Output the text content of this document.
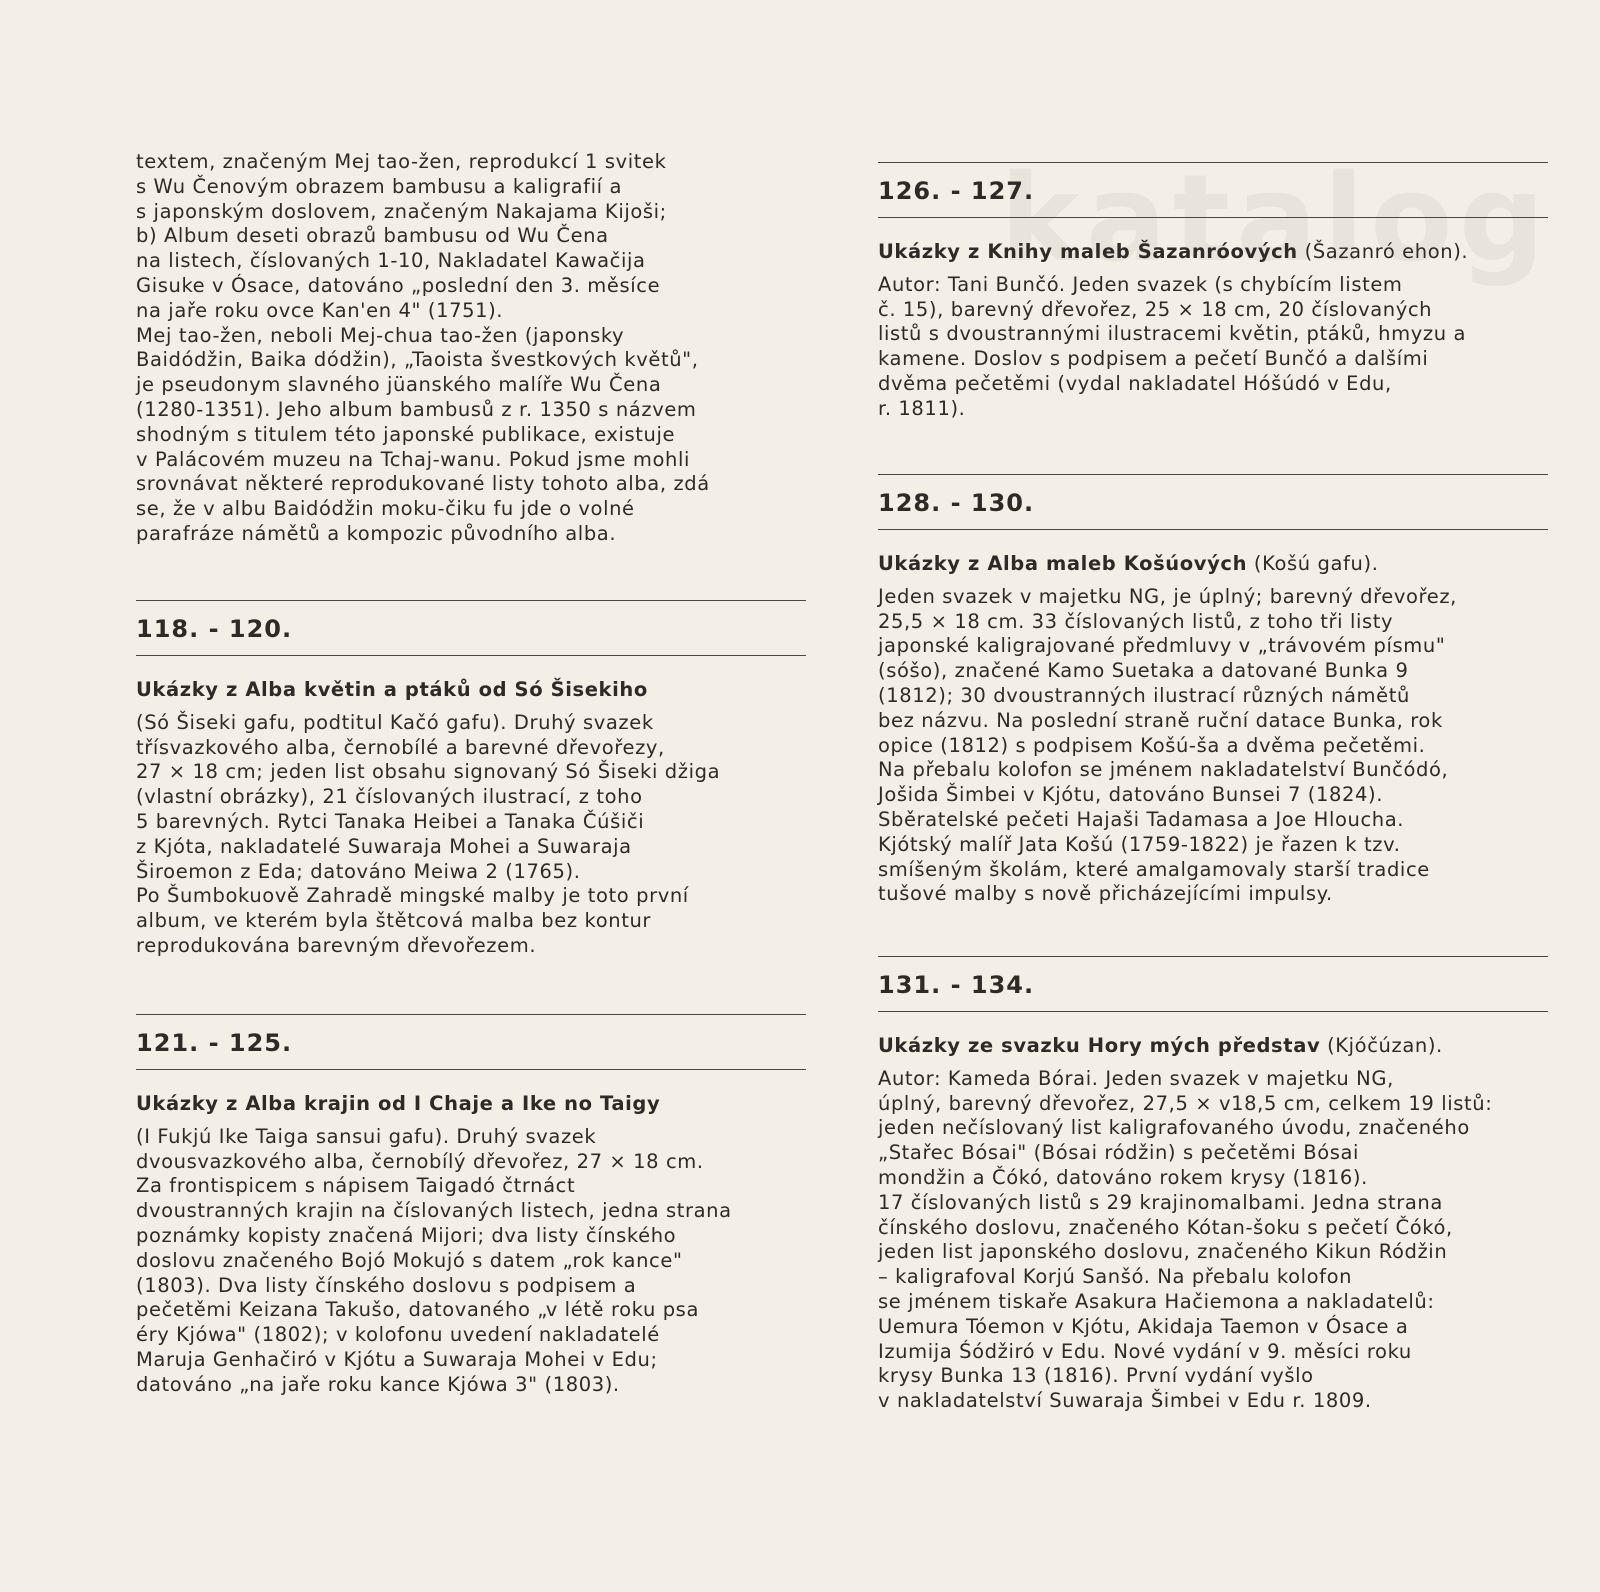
textem, značeným Mej tao-žen, reprodukcí 1 svitek
s Wu Čenovým obrazem bambusu a kaligrafií a
s japonským doslovem, značeným Nakajama Kijoši;
b) Album deseti obrazů bambusu od Wu Čena
na listech, číslovaných 1-10, Nakladatel Kawačija
Gisuke v Ósace, datováno „poslední den 3. měsíce
na jaře roku ovce Kan'en 4" (1751).
Mej tao-žen, neboli Mej-chua tao-žen (japonsky
Baidódžin, Baika dódžin), „Taoista švestkových květů",
je pseudonym slavného jüanského malíře Wu Čena
(1280-1351). Jeho album bambusů z r. 1350 s názvem
shodným s titulem této japonské publikace, existuje
v Palácovém muzeu na Tchaj-wanu. Pokud jsme mohli
srovnávat některé reprodukované listy tohoto alba, zdá
se, že v albu Baidódžin moku-čiku fu jde o volné
parafráze námětů a kompozic původního alba.

118. - 120.
Ukázky z Alba květin a ptáků od Só Šisekiho

(Só Šiseki gafu, podtitul Kačó gafu). Druhý svazek
třísvazkového alba, černobílé a barevné dřevořezy,
27 ⨯ 18 cm; jeden list obsahu signovaný Só Šiseki džiga
(vlastní obrázky), 21 číslovaných ilustrací, z toho
5 barevných. Rytci Tanaka Heibei a Tanaka Čúšiči
z Kjóta, nakladatelé Suwaraja Mohei a Suwaraja
Široemon z Eda; datováno Meiwa 2 (1765).
Po Šumbokuově Zahradě mingské malby je toto první
album, ve kterém byla štětcová malba bez kontur
reprodukována barevným dřevořezem.

121. - 125.
Ukázky z Alba krajin od I Chaje a Ike no Taigy

(I Fukjú Ike Taiga sansui gafu). Druhý svazek
dvousvazkového alba, černobílý dřevořez, 27 ⨯ 18 cm.
Za frontispicem s nápisem Taigadó čtrnáct
dvoustranných krajin na číslovaných listech, jedna strana
poznámky kopisty značená Mijori; dva listy čínského
doslovu značeného Bojó Mokujó s datem „rok kance"
(1803). Dva listy čínského doslovu s podpisem a
pečetěmi Keizana Takušo, datovaného „v létě roku psa
éry Kjówa" (1802); v kolofonu uvedení nakladatelé
Maruja Genhačiró v Kjótu a Suwaraja Mohei v Edu;
datováno „na jaře roku kance Kjówa 3" (1803).

126. - 127.
Ukázky z Knihy maleb Šazanróových (Šazanró ehon).

Autor: Tani Bunčó. Jeden svazek (s chybícím listem
č. 15), barevný dřevořez, 25 ⨯ 18 cm, 20 číslovaných
listů s dvoustrannými ilustracemi květin, ptáků, hmyzu a
kamene. Doslov s podpisem a pečetí Bunčó a dalšími
dvěma pečetěmi (vydal nakladatel Hóšúdó v Edu,
r. 1811).

128. - 130.
Ukázky z Alba maleb Košúových (Košú gafu).

Jeden svazek v majetku NG, je úplný; barevný dřevořez,
25,5 ⨯ 18 cm. 33 číslovaných listů, z toho tři listy
japonské kaligrajované předmluvy v „trávovém písmu"
(sóšo), značené Kamo Suetaka a datované Bunka 9
(1812); 30 dvoustranných ilustrací různých námětů
bez názvu. Na poslední straně ruční datace Bunka, rok
opice (1812) s podpisem Košú-ša a dvěma pečetěmi.
Na přebalu kolofon se jménem nakladatelství Bunčódó,
Jošida Šimbei v Kjótu, datováno Bunsei 7 (1824).
Sběratelské pečeti Hajaši Tadamasa a Joe Hloucha.
Kjótský malíř Jata Košú (1759-1822) je řazen k tzv.
smíšeným školám, které amalgamovaly starší tradice
tušové malby s nově přicházejícími impulsy.

131. - 134.
Ukázky ze svazku Hory mých představ (Kjóčúzan).

Autor: Kameda Bórai. Jeden svazek v majetku NG,
úplný, barevný dřevořez, 27,5 ⨯ v18,5 cm, celkem 19 listů:
jeden nečíslovaný list kaligrafovaného úvodu, značeného
„Stařec Bósai" (Bósai ródžin) s pečetěmi Bósai
mondžin a Čókó, datováno rokem krysy (1816).
17 číslovaných listů s 29 krajinomalbami. Jedna strana
čínského doslovu, značeného Kótan-šoku s pečetí Čókó,
jeden list japonského doslovu, značeného Kikun Ródžin
– kaligrafoval Korjú Sanšó. Na přebalu kolofon
se jménem tiskaře Asakura Hačiemona a nakladatelů:
Uemura Tóemon v Kjótu, Akidaja Taemon v Ósace a
Izumija Śódžiró v Edu. Nové vydání v 9. měsíci roku
krysy Bunka 13 (1816). První vydání vyšlo
v nakladatelství Suwaraja Šimbei v Edu r. 1809.
